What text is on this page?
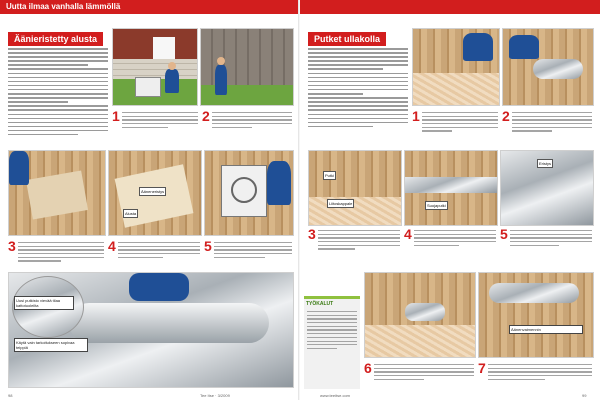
Uutta ilmaa vanhalla lämmöllä
Äänieristetty alusta
1	2
Ääneneristys
Alusta
3	4	5
Uusi putkisto vievää tilaa kattotuoleilta
Käytä vain tarkoitukseen sopivaa teippiä
98	Tee Itse · 3/2009
Putket ullakolla
1	2
Putki
Liitoskappale	Suojaputki
Eristys
3	4	5
TYÖKALUT
Äänenvaimennin
6	7
www.teeitse.com	99
